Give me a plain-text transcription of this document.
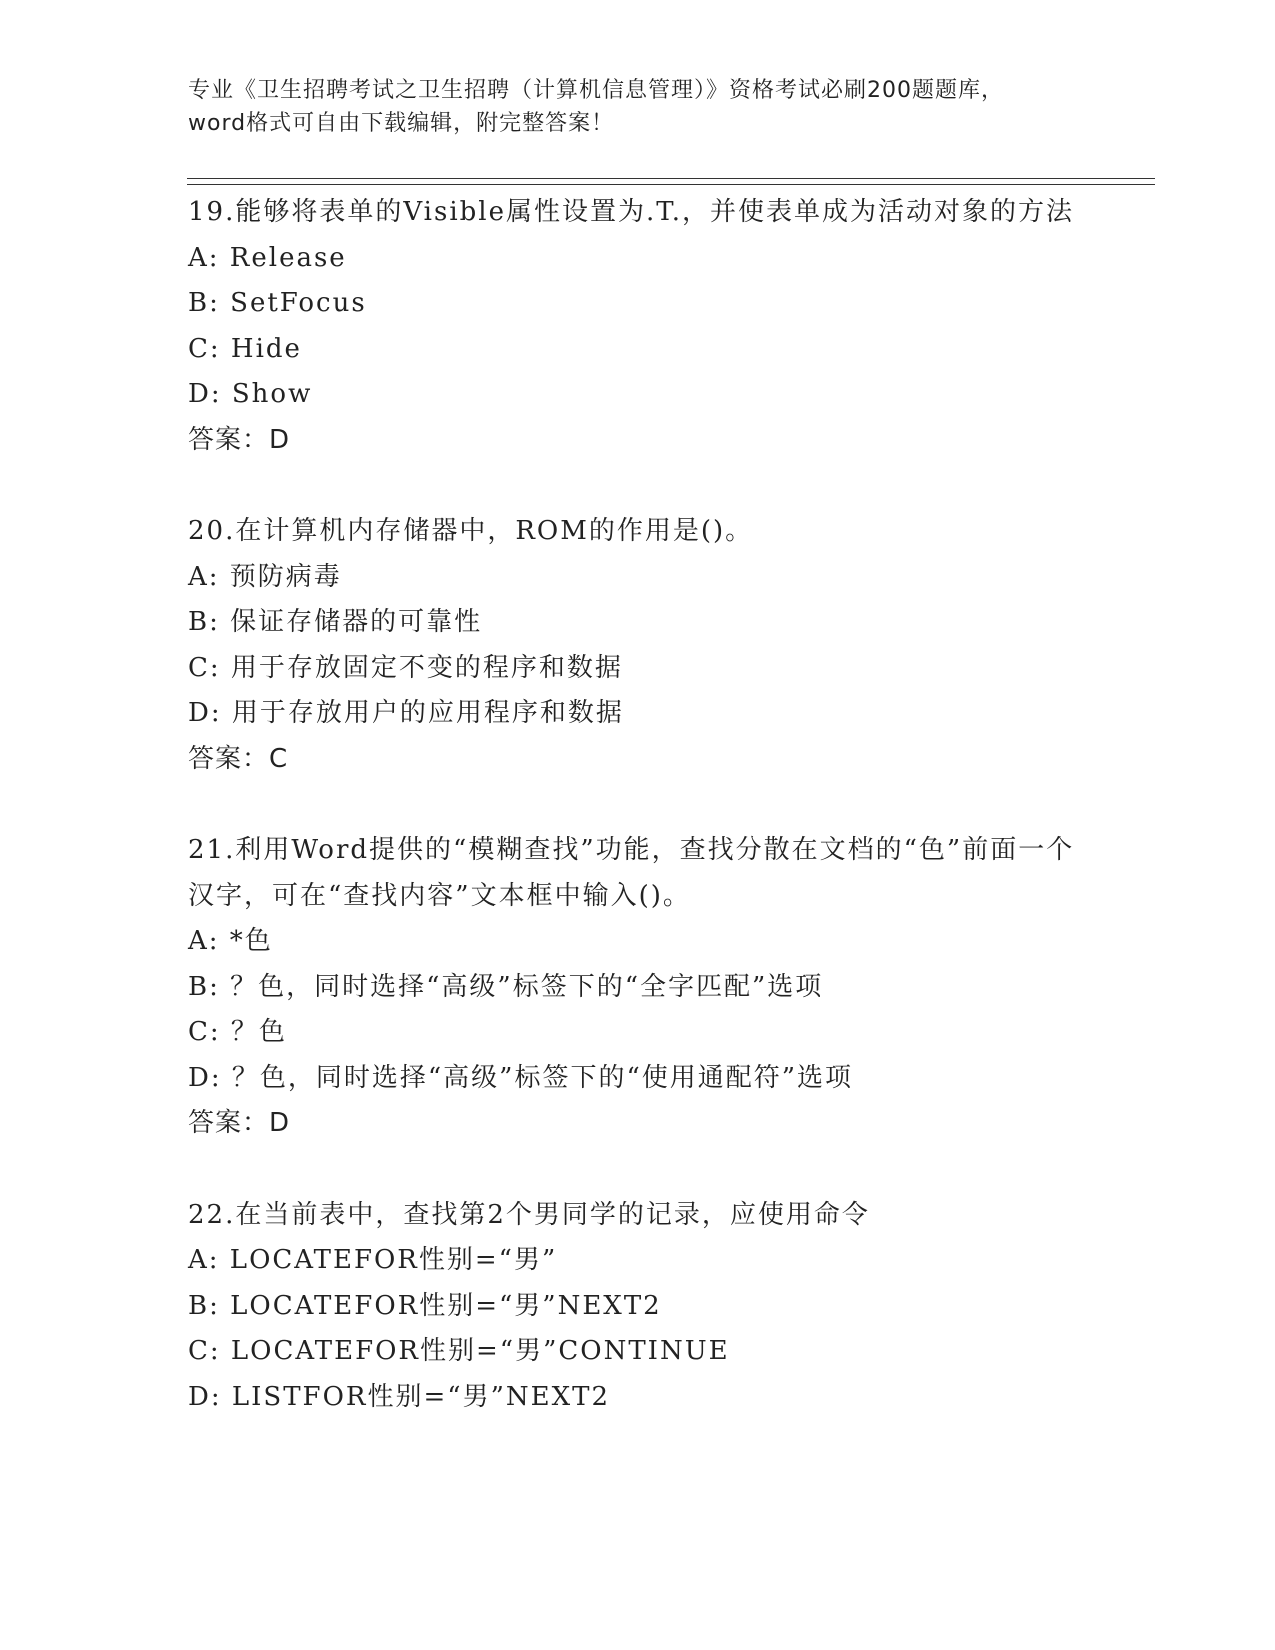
专业《卫生招聘考试之卫生招聘（计算机信息管理）》资格考试必刷200题题库，
word格式可自由下载编辑，附完整答案！
19.能够将表单的Visible属性设置为.T.，并使表单成为活动对象的方法
A: Release
B: SetFocus
C: Hide
D: Show
答案：D
20.在计算机内存储器中，ROM的作用是()。
A: 预防病毒
B: 保证存储器的可靠性
C: 用于存放固定不变的程序和数据
D: 用于存放用户的应用程序和数据
答案：C
21.利用Word提供的“模糊查找”功能，查找分散在文档的“色”前面一个汉字，可在“查找内容”文本框中输入()。
A: *色
B: ？色，同时选择“高级”标签下的“全字匹配”选项
C: ？色
D: ？色，同时选择“高级”标签下的“使用通配符”选项
答案：D
22.在当前表中，查找第2个男同学的记录，应使用命令
A: LOCATEFOR性别=“男”
B: LOCATEFOR性别=“男”NEXT2
C: LOCATEFOR性别=“男”CONTINUE
D: LISTFOR性别=“男”NEXT2
